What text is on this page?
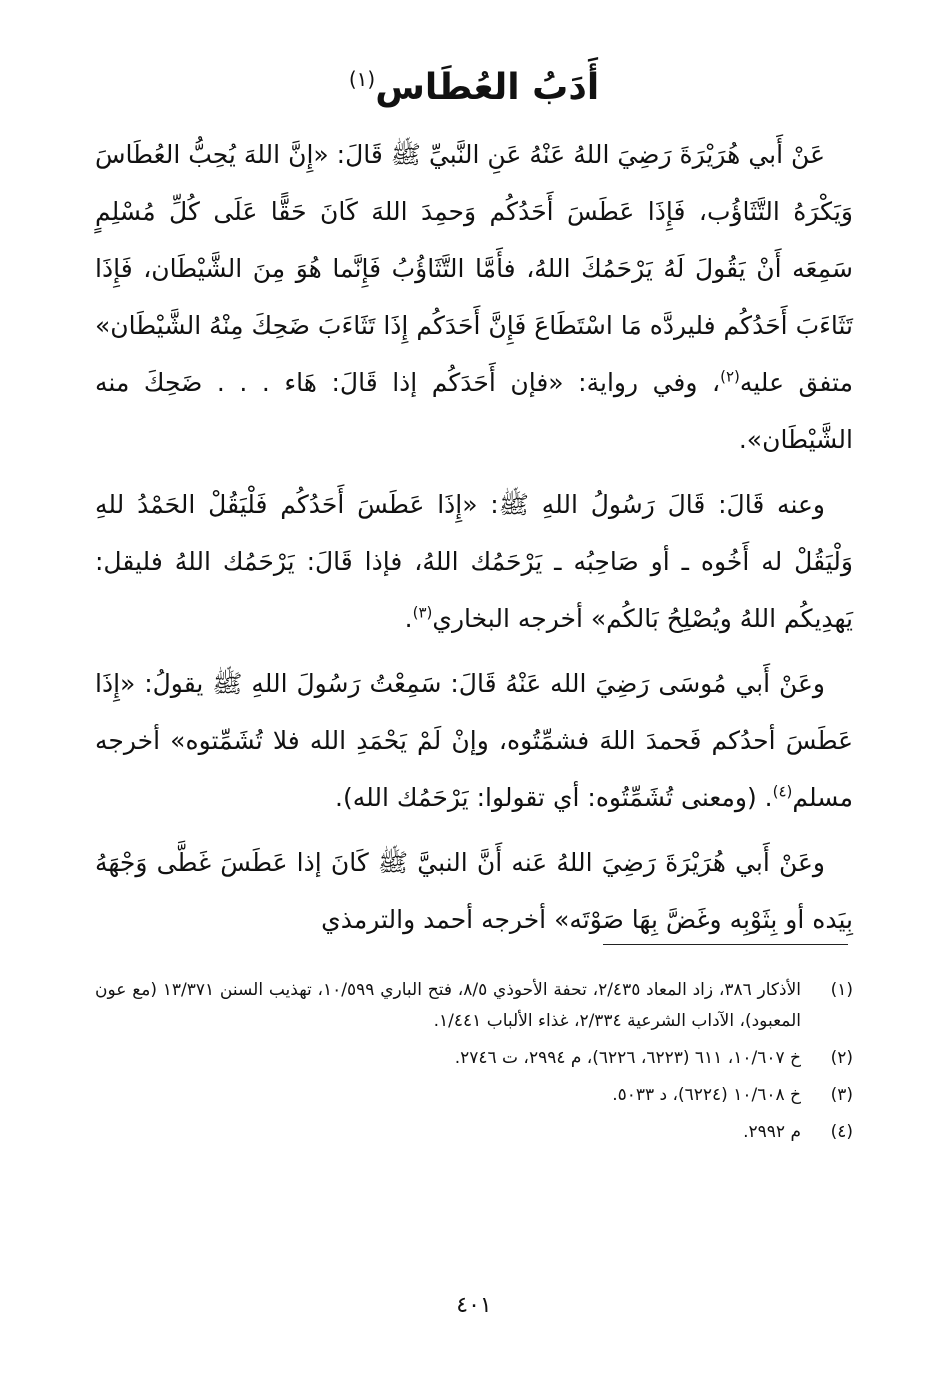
أَدَبُ العُطَاس$^{(١)}$

عَنْ أَبي هُرَيْرَةَ رَضِيَ اللهُ عَنْهُ عَنِ النَّبيِّ ﷺ قَالَ: «إِنَّ اللهَ يُحِبُّ العُطَاسَ وَيَكْرَهُ التَّثَاؤُب، فَإِذَا عَطَسَ أَحَدُكُم وَحمِدَ اللهَ كَانَ حَقًّا عَلَى كُلِّ مُسْلِمٍ سَمِعَه أَنْ يَقُولَ لَهُ يَرْحَمُكَ اللهُ، فأَمَّا التَّثَاؤُبُ فَإِنَّما هُوَ مِنَ الشَّيْطَان، فَإِذَا تَثَاءَبَ أَحَدُكُم فليردَّه مَا اسْتَطَاعَ فَإِنَّ أَحَدَكُم إِذَا تَثَاءَبَ ضَحِكَ مِنْهُ الشَّيْطَان» متفق عليه$^{(٢)}$، وفي رواية: «فإن أَحَدَكُم إذا قَالَ: هَاء . . . ضَحِكَ منه الشَّيْطَان».

وعنه قَالَ: قَالَ رَسُولُ اللهِ ﷺ: «إِذَا عَطَسَ أَحَدُكُم فَلْيَقُلْ الحَمْدُ للهِ وَلْيَقُلْ له أَخُوه ـ أو صَاحِبُه ـ يَرْحَمُك اللهُ، فإذا قَالَ: يَرْحَمُك اللهُ فليقل: يَهدِيكُم اللهُ ويُصْلِحُ بَالكُم» أخرجه البخاري$^{(٣)}$.

وعَنْ أَبي مُوسَى رَضِيَ الله عَنْهُ قَالَ: سَمِعْتُ رَسُولَ اللهِ ﷺ يقولُ: «إِذَا عَطَسَ أحدُكم فَحمدَ اللهَ فشمِّتُوه، وإنْ لَمْ يَحْمَدِ الله فلا تُشَمِّتوه» أخرجه مسلم$^{(٤)}$. (ومعنى تُشَمِّتُوه: أي تقولوا: يَرْحَمُك الله).

وعَنْ أَبي هُرَيْرَةَ رَضِيَ اللهُ عَنه أَنَّ النبيَّ ﷺ كَانَ إذا عَطَسَ غَطَّى وَجْهَهُ بِيَده أو بِثَوْبِه وغَضَّ بِهَا صَوْتَه» أخرجه أحمد والترمذي

(١)
الأذكار ٣٨٦، زاد المعاد ٢/٤٣٥، تحفة الأحوذي ٨/٥، فتح الباري ١٠/٥٩٩، تهذيب السنن ١٣/٣٧١ (مع عون المعبود)، الآداب الشرعية ٢/٣٣٤، غذاء الألباب ١/٤٤١.
(٢)
خ ١٠/٦٠٧، ٦١١ (٦٢٢٣، ٦٢٢٦)، م ٢٩٩٤، ت ٢٧٤٦.
(٣)
خ ١٠/٦٠٨ (٦٢٢٤)، د ٥٠٣٣.
(٤)
م ٢٩٩٢.
٤٠١
